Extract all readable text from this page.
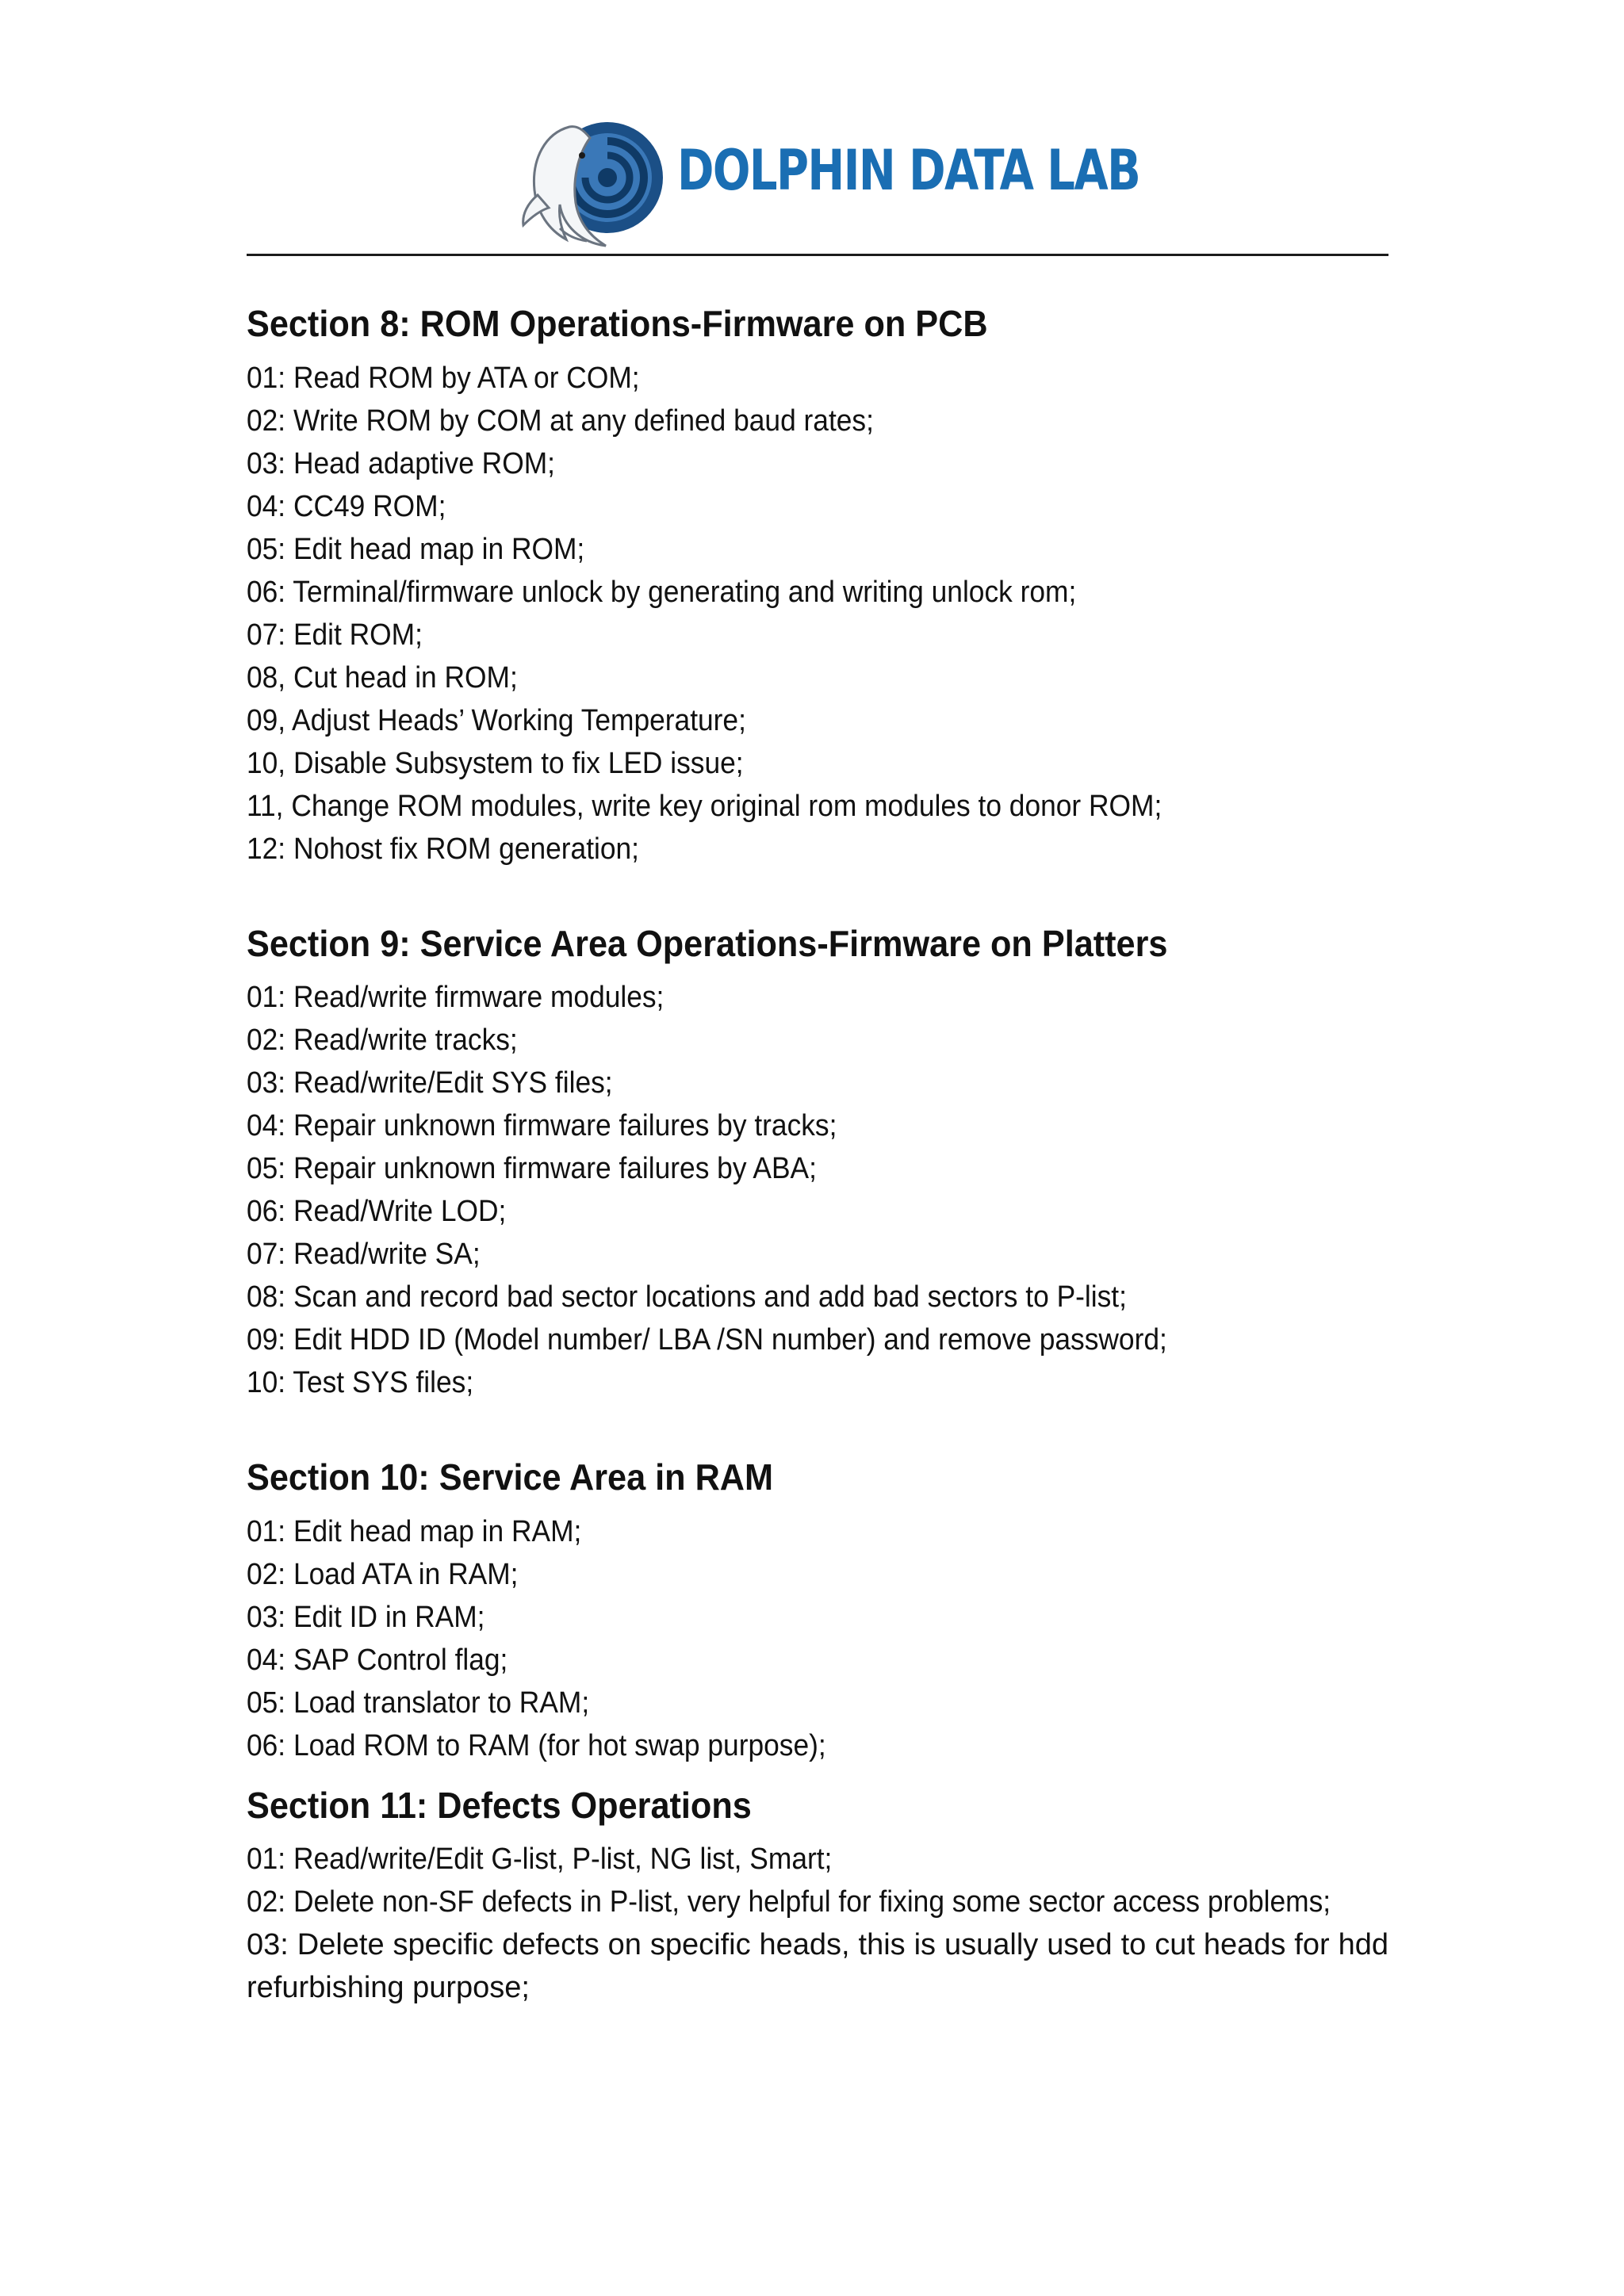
DOLPHIN DATA LAB
Section 8: ROM Operations-Firmware on PCB

01: Read ROM by ATA or COM;

02: Write ROM by COM at any defined baud rates;

03: Head adaptive ROM;

04: CC49 ROM;

05: Edit head map in ROM;

06: Terminal/firmware unlock by generating and writing unlock rom;

07: Edit ROM;

08, Cut head in ROM;

09, Adjust Heads’ Working Temperature;

10, Disable Subsystem to fix LED issue;

11, Change ROM modules, write key original rom modules to donor ROM;

12: Nohost fix ROM generation;

Section 9: Service Area Operations-Firmware on Platters

01: Read/write firmware modules;

02: Read/write tracks;

03: Read/write/Edit SYS files;

04: Repair unknown firmware failures by tracks;

05: Repair unknown firmware failures by ABA;

06: Read/Write LOD;

07: Read/write SA;

08: Scan and record bad sector locations and add bad sectors to P-list;

09: Edit HDD ID (Model number/ LBA /SN number) and remove password;

10: Test SYS files;

Section 10: Service Area in RAM

01: Edit head map in RAM;

02: Load ATA in RAM;

03: Edit ID in RAM;

04: SAP Control flag;

05: Load translator to RAM;

06: Load ROM to RAM (for hot swap purpose);

Section 11: Defects Operations

01: Read/write/Edit G-list, P-list, NG list, Smart;

02: Delete non-SF defects in P-list, very helpful for fixing some sector access problems;

03: Delete specific defects on specific heads, this is usually used to cut heads for hdd refurbishing purpose;
